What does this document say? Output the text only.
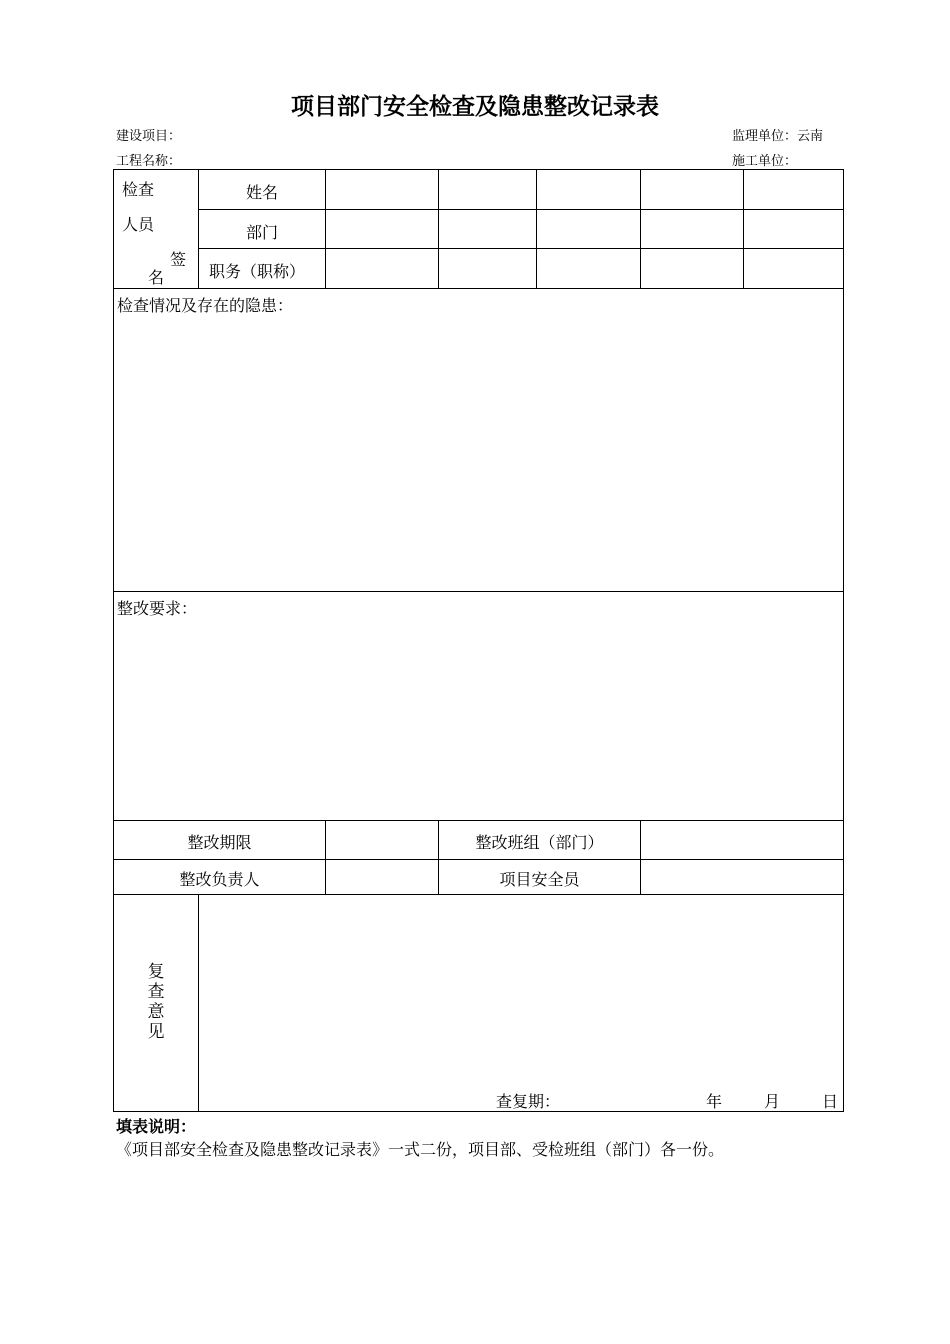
项目部门安全检查及隐患整改记录表
建设项目：	监理单位：云南
工程名称：	施工单位：
检查
人员
签
名
姓名
部门
职务（职称）
检查情况及存在的隐患：
整改要求：
整改期限	整改班组（部门）
整改负责人	项目安全员
复查意见
查复期：	年	月	日
填表说明：
《项目部安全检查及隐患整改记录表》一式二份，项目部、受检班组（部门）各一份。
